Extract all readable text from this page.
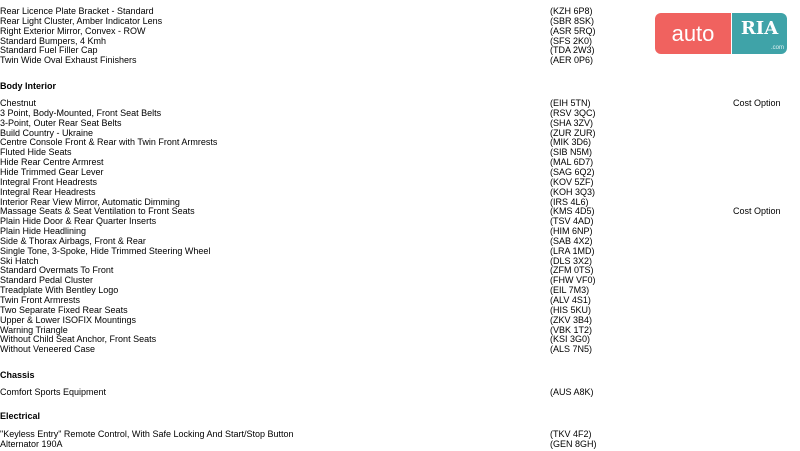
auto	RIA
.com
Rear Licence Plate Bracket - Standard	(KZH 6P8)
Rear Light Cluster, Amber Indicator Lens	(SBR 8SK)
Right Exterior Mirror, Convex - ROW	(ASR 5RQ)
Standard Bumpers, 4 Kmh	(SFS 2K0)
Standard Fuel Filler Cap	(TDA 2W3)
Twin Wide Oval Exhaust Finishers	(AER 0P6)
Body Interior
Chestnut	(EIH 5TN)	Cost Option
3 Point, Body-Mounted, Front Seat Belts	(RSV 3QC)
3-Point, Outer Rear Seat Belts	(SHA 3ZV)
Build Country - Ukraine	(ZUR ZUR)
Centre Console Front & Rear with Twin Front Armrests	(MIK 3D6)
Fluted Hide Seats	(SIB N5M)
Hide Rear Centre Armrest	(MAL 6D7)
Hide Trimmed Gear Lever	(SAG 6Q2)
Integral Front Headrests	(KOV 5ZF)
Integral Rear Headrests	(KOH 3Q3)
Interior Rear View Mirror, Automatic Dimming	(IRS 4L6)
Massage Seats & Seat Ventilation to Front Seats	(KMS 4D5)	Cost Option
Plain Hide Door & Rear Quarter Inserts	(TSV 4AD)
Plain Hide Headlining	(HIM 6NP)
Side & Thorax Airbags, Front & Rear	(SAB 4X2)
Single Tone, 3-Spoke, Hide Trimmed Steering Wheel	(LRA 1MD)
Ski Hatch	(DLS 3X2)
Standard Overmats To Front	(ZFM 0TS)
Standard Pedal Cluster	(FHW VF0)
Treadplate With Bentley Logo	(EIL 7M3)
Twin Front Armrests	(ALV 4S1)
Two Separate Fixed Rear Seats	(HIS 5KU)
Upper & Lower ISOFIX Mountings	(ZKV 3B4)
Warning Triangle	(VBK 1T2)
Without Child Seat Anchor, Front Seats	(KSI 3G0)
Without Veneered Case	(ALS 7N5)
Chassis
Comfort Sports Equipment	(AUS A8K)
Electrical
"Keyless Entry" Remote Control, With Safe Locking And Start/Stop Button	(TKV 4F2)
Alternator 190A	(GEN 8GH)
